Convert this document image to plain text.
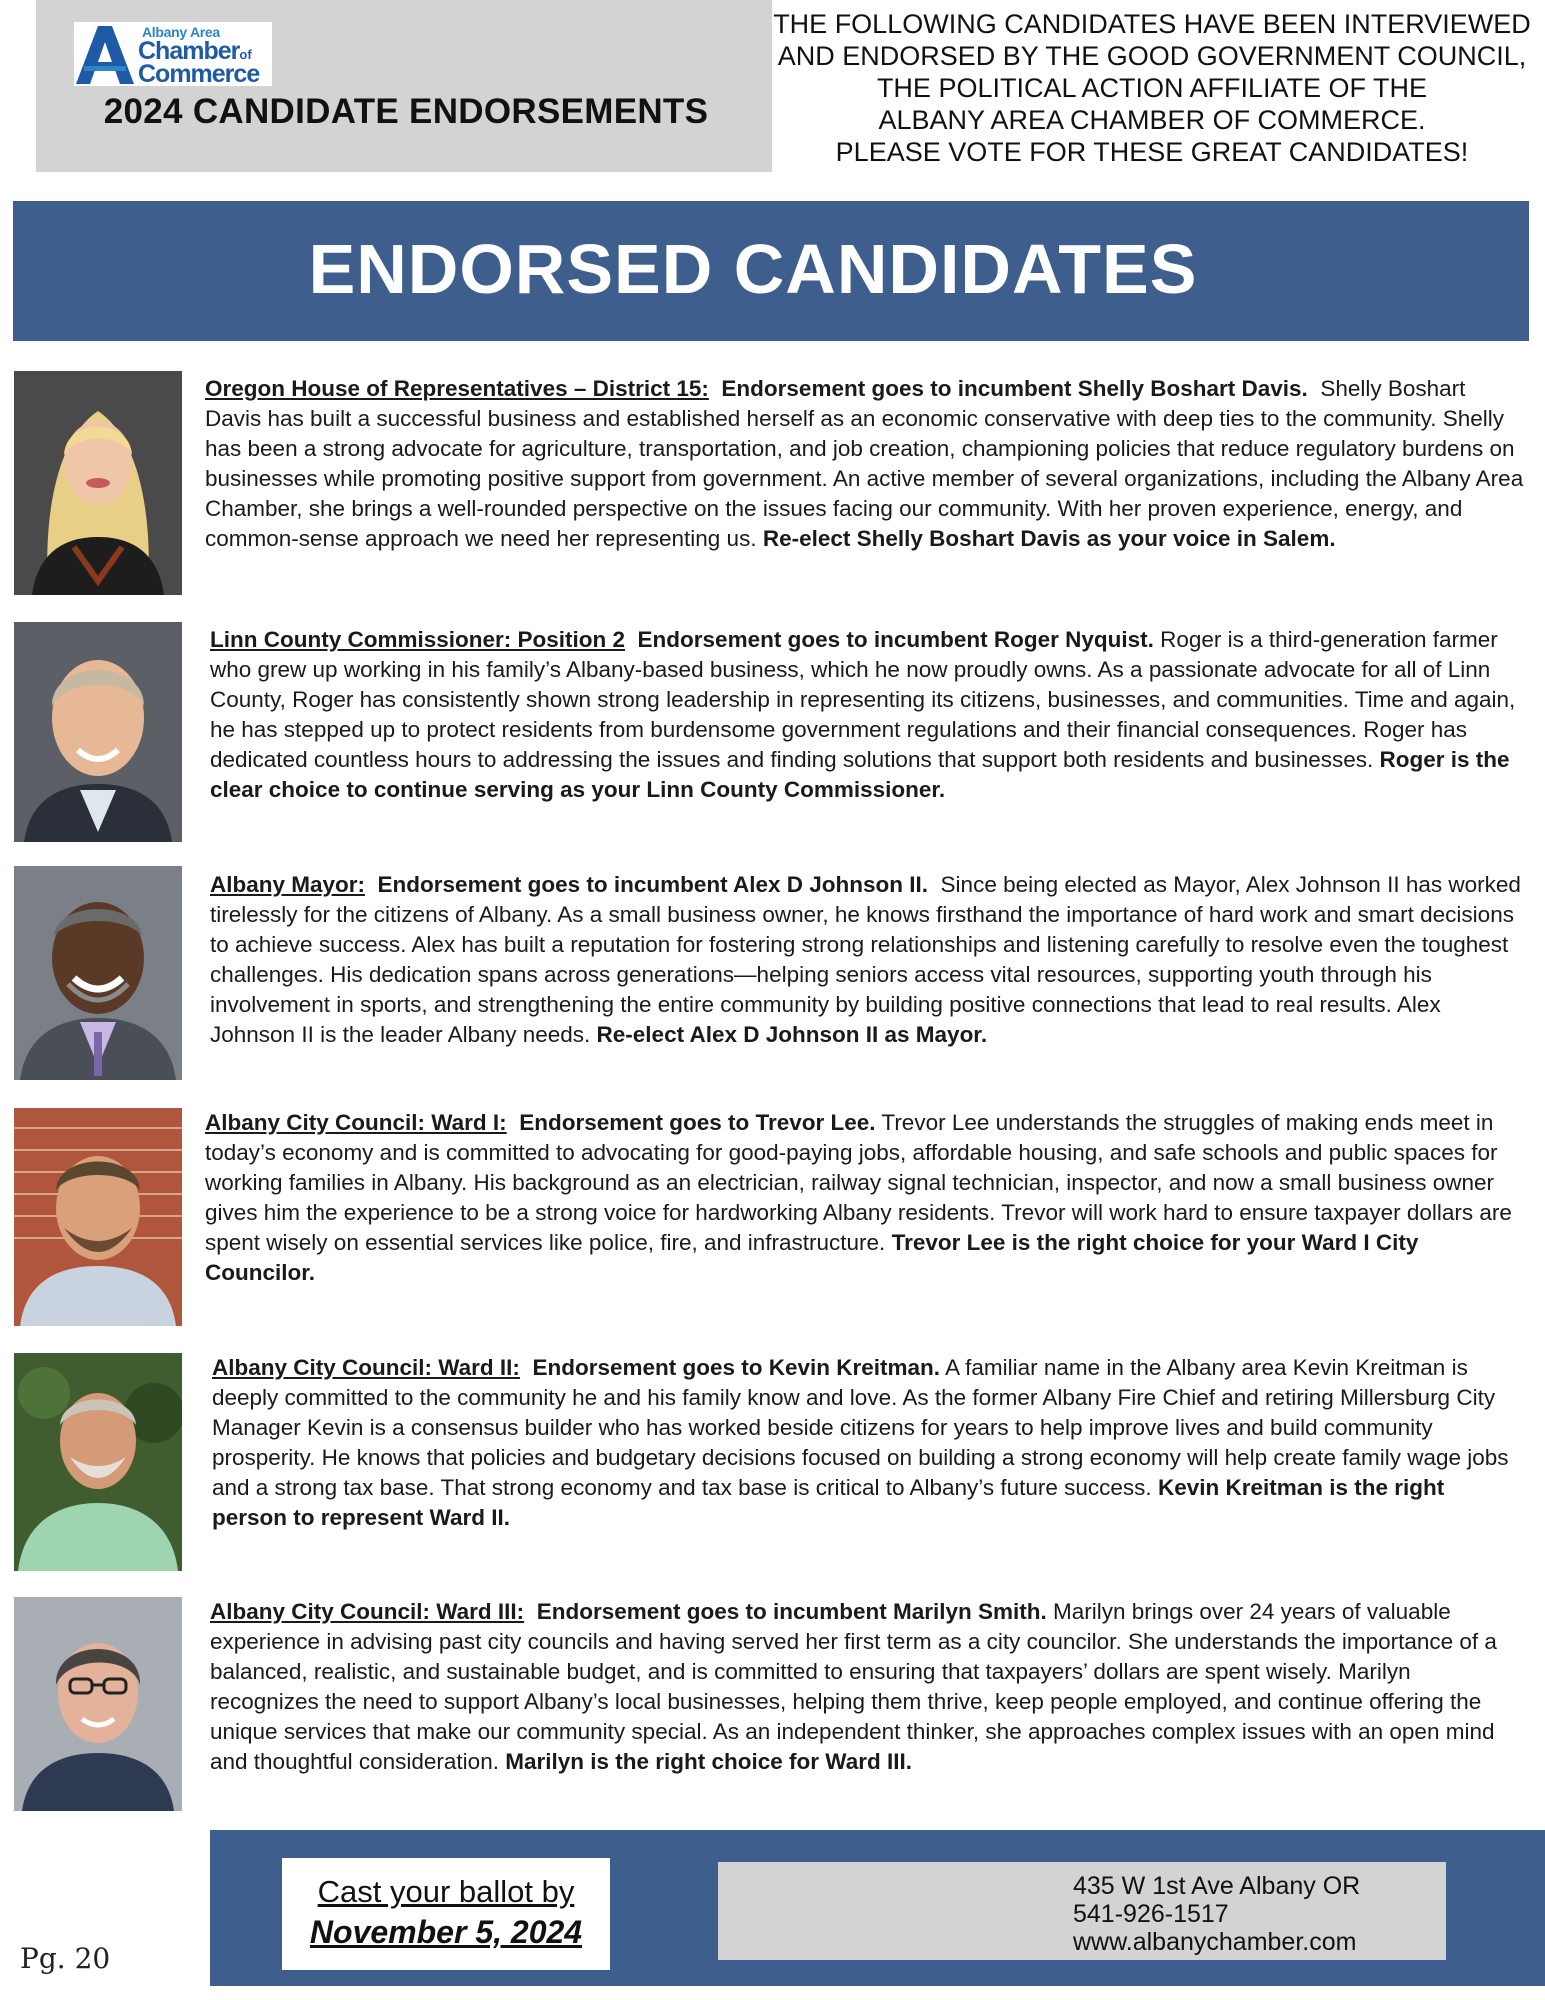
Albany Area
Chamberof
Commerce
2024 CANDIDATE ENDORSEMENTS
THE FOLLOWING CANDIDATES HAVE BEEN INTERVIEWED
AND ENDORSED BY THE GOOD GOVERNMENT COUNCIL,
THE POLITICAL ACTION AFFILIATE OF THE
ALBANY AREA CHAMBER OF COMMERCE.
PLEASE VOTE FOR THESE GREAT CANDIDATES!
ENDORSED CANDIDATES
Oregon House of Representatives – District 15: Endorsement goes to incumbent Shelly Boshart Davis. Shelly Boshart Davis has built a successful business and established herself as an economic conservative with deep ties to the community. Shelly has been a strong advocate for agriculture, transportation, and job creation, championing policies that reduce regulatory burdens on businesses while promoting positive support from government. An active member of several organizations, including the Albany Area Chamber, she brings a well-rounded perspective on the issues facing our community. With her proven experience, energy, and common-sense approach we need her representing us. Re-elect Shelly Boshart Davis as your voice in Salem.
Linn County Commissioner: Position 2 Endorsement goes to incumbent Roger Nyquist. Roger is a third-generation farmer who grew up working in his family’s Albany-based business, which he now proudly owns. As a passionate advocate for all of Linn County, Roger has consistently shown strong leadership in representing its citizens, businesses, and communities. Time and again, he has stepped up to protect residents from burdensome government regulations and their financial consequences. Roger has dedicated countless hours to addressing the issues and finding solutions that support both residents and businesses. Roger is the clear choice to continue serving as your Linn County Commissioner.
Albany Mayor: Endorsement goes to incumbent Alex D Johnson II. Since being elected as Mayor, Alex Johnson II has worked tirelessly for the citizens of Albany. As a small business owner, he knows firsthand the importance of hard work and smart decisions to achieve success. Alex has built a reputation for fostering strong relationships and listening carefully to resolve even the toughest challenges. His dedication spans across generations—helping seniors access vital resources, supporting youth through his involvement in sports, and strengthening the entire community by building positive connections that lead to real results. Alex Johnson II is the leader Albany needs. Re-elect Alex D Johnson II as Mayor.
Albany City Council: Ward I: Endorsement goes to Trevor Lee. Trevor Lee understands the struggles of making ends meet in today’s economy and is committed to advocating for good-paying jobs, affordable housing, and safe schools and public spaces for working families in Albany. His background as an electrician, railway signal technician, inspector, and now a small business owner gives him the experience to be a strong voice for hardworking Albany residents. Trevor will work hard to ensure taxpayer dollars are spent wisely on essential services like police, fire, and infrastructure. Trevor Lee is the right choice for your Ward I City Councilor.
Albany City Council: Ward II: Endorsement goes to Kevin Kreitman. A familiar name in the Albany area Kevin Kreitman is deeply committed to the community he and his family know and love. As the former Albany Fire Chief and retiring Millersburg City Manager Kevin is a consensus builder who has worked beside citizens for years to help improve lives and build community prosperity. He knows that policies and budgetary decisions focused on building a strong economy will help create family wage jobs and a strong tax base. That strong economy and tax base is critical to Albany’s future success. Kevin Kreitman is the right person to represent Ward II.
Albany City Council: Ward III: Endorsement goes to incumbent Marilyn Smith. Marilyn brings over 24 years of valuable experience in advising past city councils and having served her first term as a city councilor. She understands the importance of a balanced, realistic, and sustainable budget, and is committed to ensuring that taxpayers’ dollars are spent wisely. Marilyn recognizes the need to support Albany’s local businesses, helping them thrive, keep people employed, and continue offering the unique services that make our community special. As an independent thinker, she approaches complex issues with an open mind and thoughtful consideration. Marilyn is the right choice for Ward III.
Cast your ballot by
November 5, 2024
435 W 1st Ave Albany OR
541-926-1517
www.albanychamber.com
Pg. 20
